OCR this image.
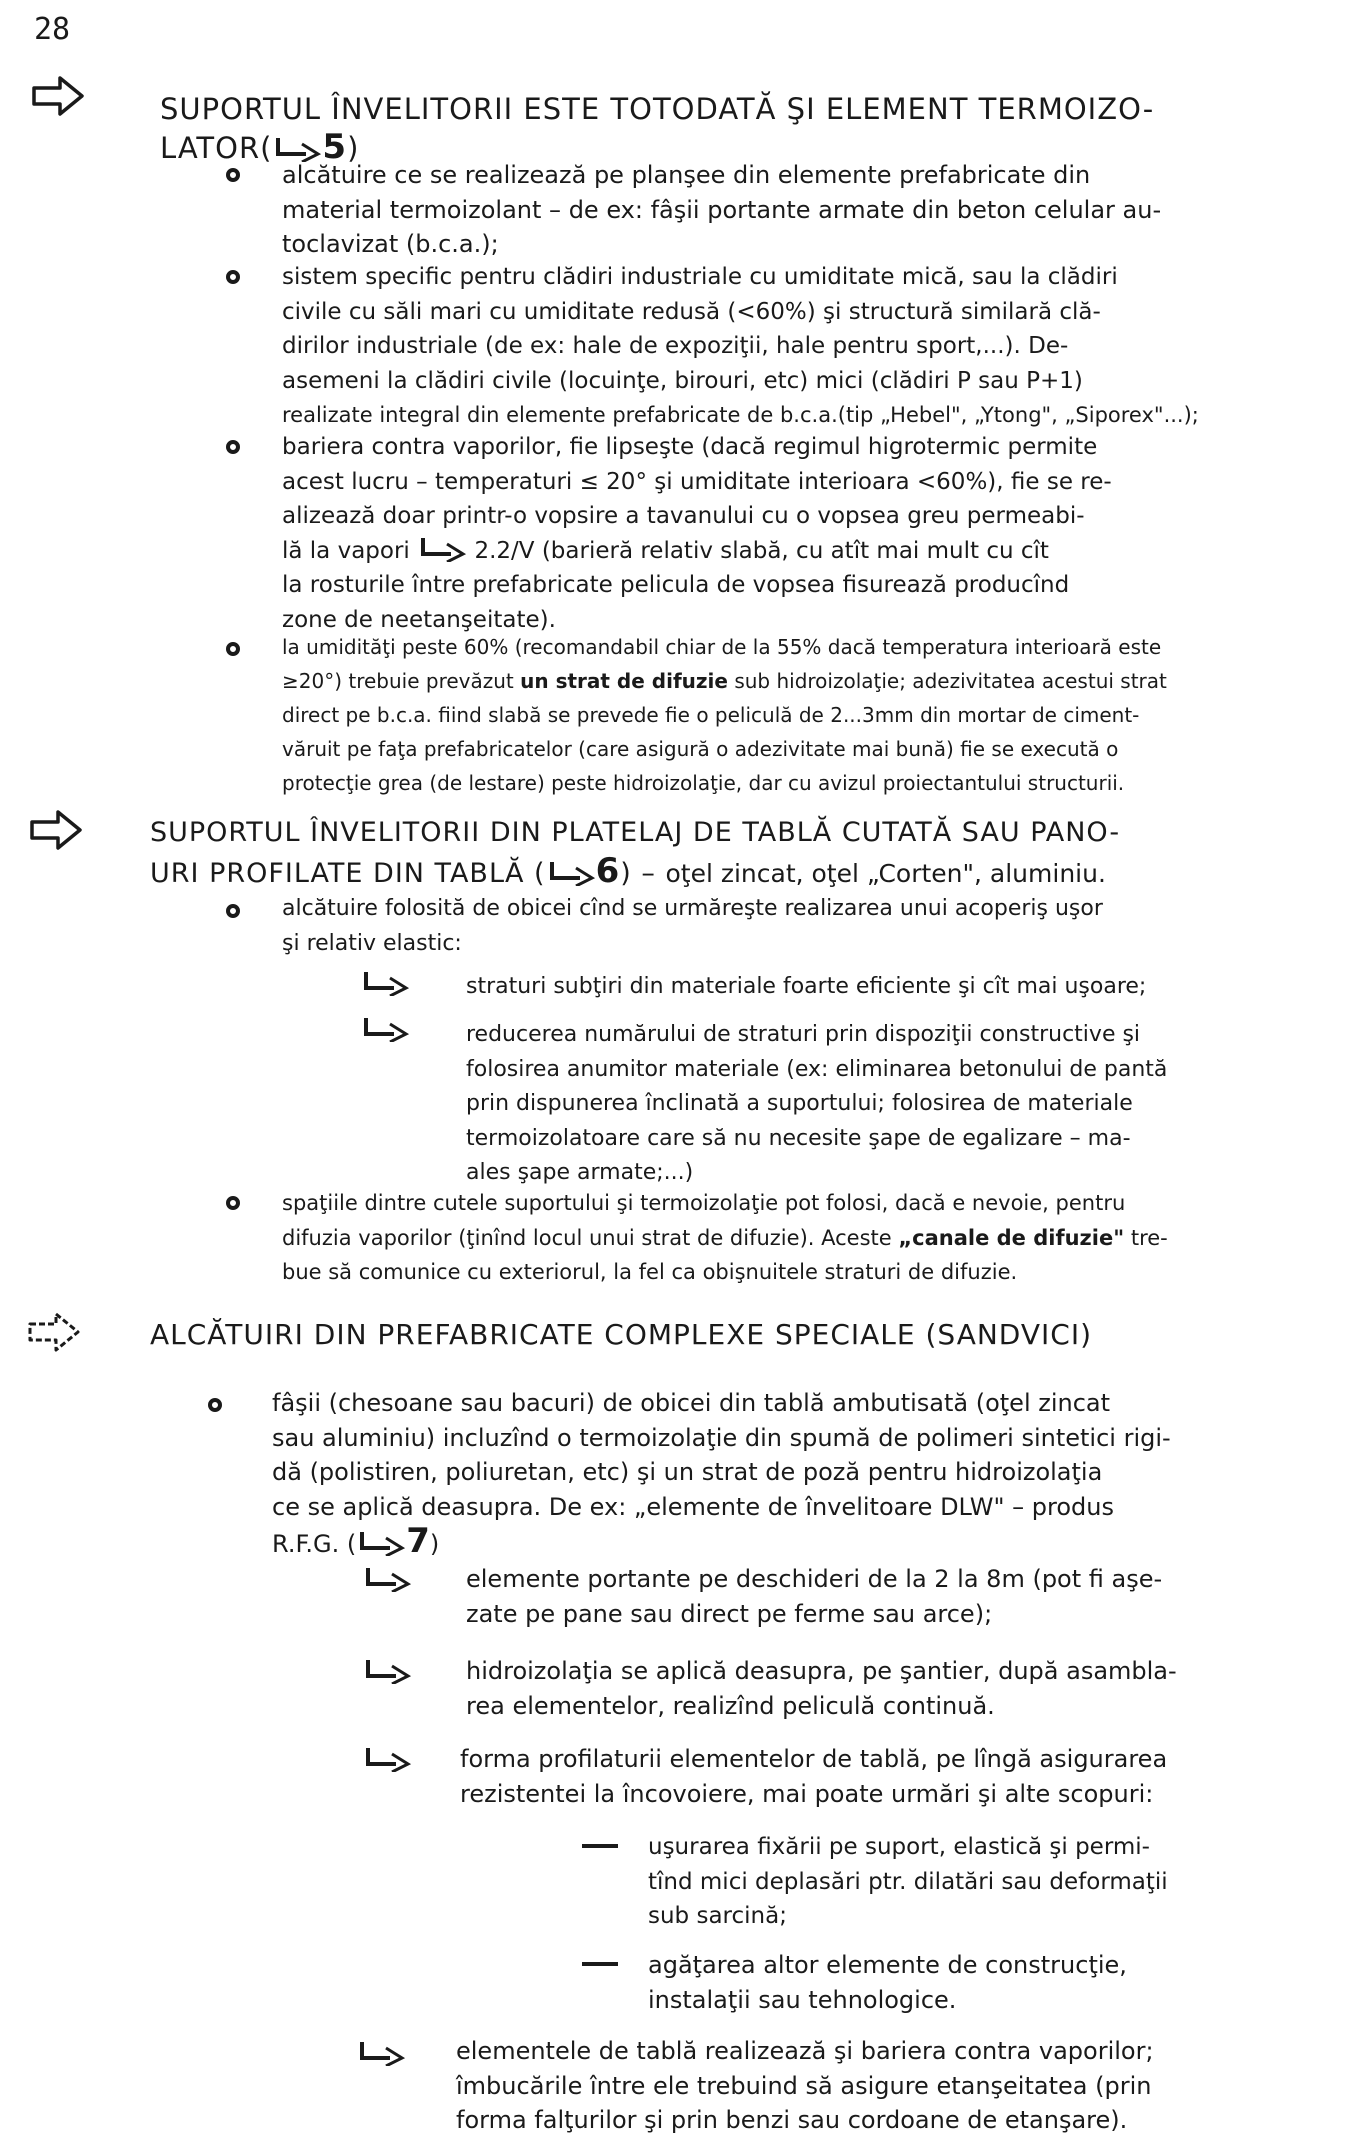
28
SUPORTUL ÎNVELITORII ESTE TOTODATĂ ŞI ELEMENT TERMOIZO-
LATOR( 5)
alcătuire ce se realizează pe planşee din elemente prefabricate din
material termoizolant – de ex: fâşii portante armate din beton celular au-
toclavizat (b.c.a.);
sistem specific pentru clădiri industriale cu umiditate mică, sau la clădiri
civile cu săli mari cu umiditate redusă (<60%) şi structură similară clă-
dirilor industriale (de ex: hale de expoziţii, hale pentru sport,...). De-
asemeni la clădiri civile (locuinţe, birouri, etc) mici (clădiri P sau P+1)
realizate integral din elemente prefabricate de b.c.a.(tip „Hebel", „Ytong", „Siporex"...);
bariera contra vaporilor, fie lipseşte (dacă regimul higrotermic permite
acest lucru – temperaturi ≤ 20° şi umiditate interioara <60%), fie se re-
alizează doar printr-o vopsire a tavanului cu o vopsea greu permeabi-
lă la vapori	2.2/V (barieră relativ slabă, cu atît mai mult cu cît
la rosturile între prefabricate pelicula de vopsea fisurează producînd
zone de neetanşeitate).
la umidităţi peste 60% (recomandabil chiar de la 55% dacă temperatura interioară este
≥20°) trebuie prevăzut un strat de difuzie sub hidroizolaţie; adezivitatea acestui strat
direct pe b.c.a. fiind slabă se prevede fie o peliculă de 2...3mm din mortar de ciment-
văruit pe faţa prefabricatelor (care asigură o adezivitate mai bună) fie se execută o
protecţie grea (de lestare) peste hidroizolaţie, dar cu avizul proiectantului structurii.
SUPORTUL ÎNVELITORII DIN PLATELAJ DE TABLĂ CUTATĂ SAU PANO-
URI PROFILATE DIN TABLĂ ( 6) – oţel zincat, oţel „Corten", aluminiu.
alcătuire folosită de obicei cînd se urmăreşte realizarea unui acoperiş uşor
şi relativ elastic:
straturi subţiri din materiale foarte eficiente şi cît mai uşoare;
reducerea numărului de straturi prin dispoziţii constructive şi
folosirea anumitor materiale (ex: eliminarea betonului de pantă
prin dispunerea înclinată a suportului; folosirea de materiale
termoizolatoare care să nu necesite şape de egalizare – ma-
ales şape armate;...)
spaţiile dintre cutele suportului şi termoizolaţie pot folosi, dacă e nevoie, pentru
difuzia vaporilor (ţinînd locul unui strat de difuzie). Aceste „canale de difuzie" tre-
bue să comunice cu exteriorul, la fel ca obişnuitele straturi de difuzie.
ALCĂTUIRI DIN PREFABRICATE COMPLEXE SPECIALE (SANDVICI)
fâşii (chesoane sau bacuri) de obicei din tablă ambutisată (oţel zincat
sau aluminiu) incluzînd o termoizolaţie din spumă de polimeri sintetici rigi-
dă (polistiren, poliuretan, etc) şi un strat de poză pentru hidroizolaţia
ce se aplică deasupra. De ex: „elemente de învelitoare DLW" – produs
R.F.G. ( 7)
elemente portante pe deschideri de la 2 la 8m (pot fi aşe-
zate pe pane sau direct pe ferme sau arce);
hidroizolaţia se aplică deasupra, pe şantier, după asambla-
rea elementelor, realizînd peliculă continuă.
forma profilaturii elementelor de tablă, pe lîngă asigurarea
rezistentei la încovoiere, mai poate urmări şi alte scopuri:
uşurarea fixării pe suport, elastică şi permi-
tînd mici deplasări ptr. dilatări sau deformaţii
sub sarcină;
agăţarea altor elemente de construcţie,
instalaţii sau tehnologice.
elementele de tablă realizează şi bariera contra vaporilor;
îmbucările între ele trebuind să asigure etanşeitatea (prin
forma falţurilor şi prin benzi sau cordoane de etanşare).
